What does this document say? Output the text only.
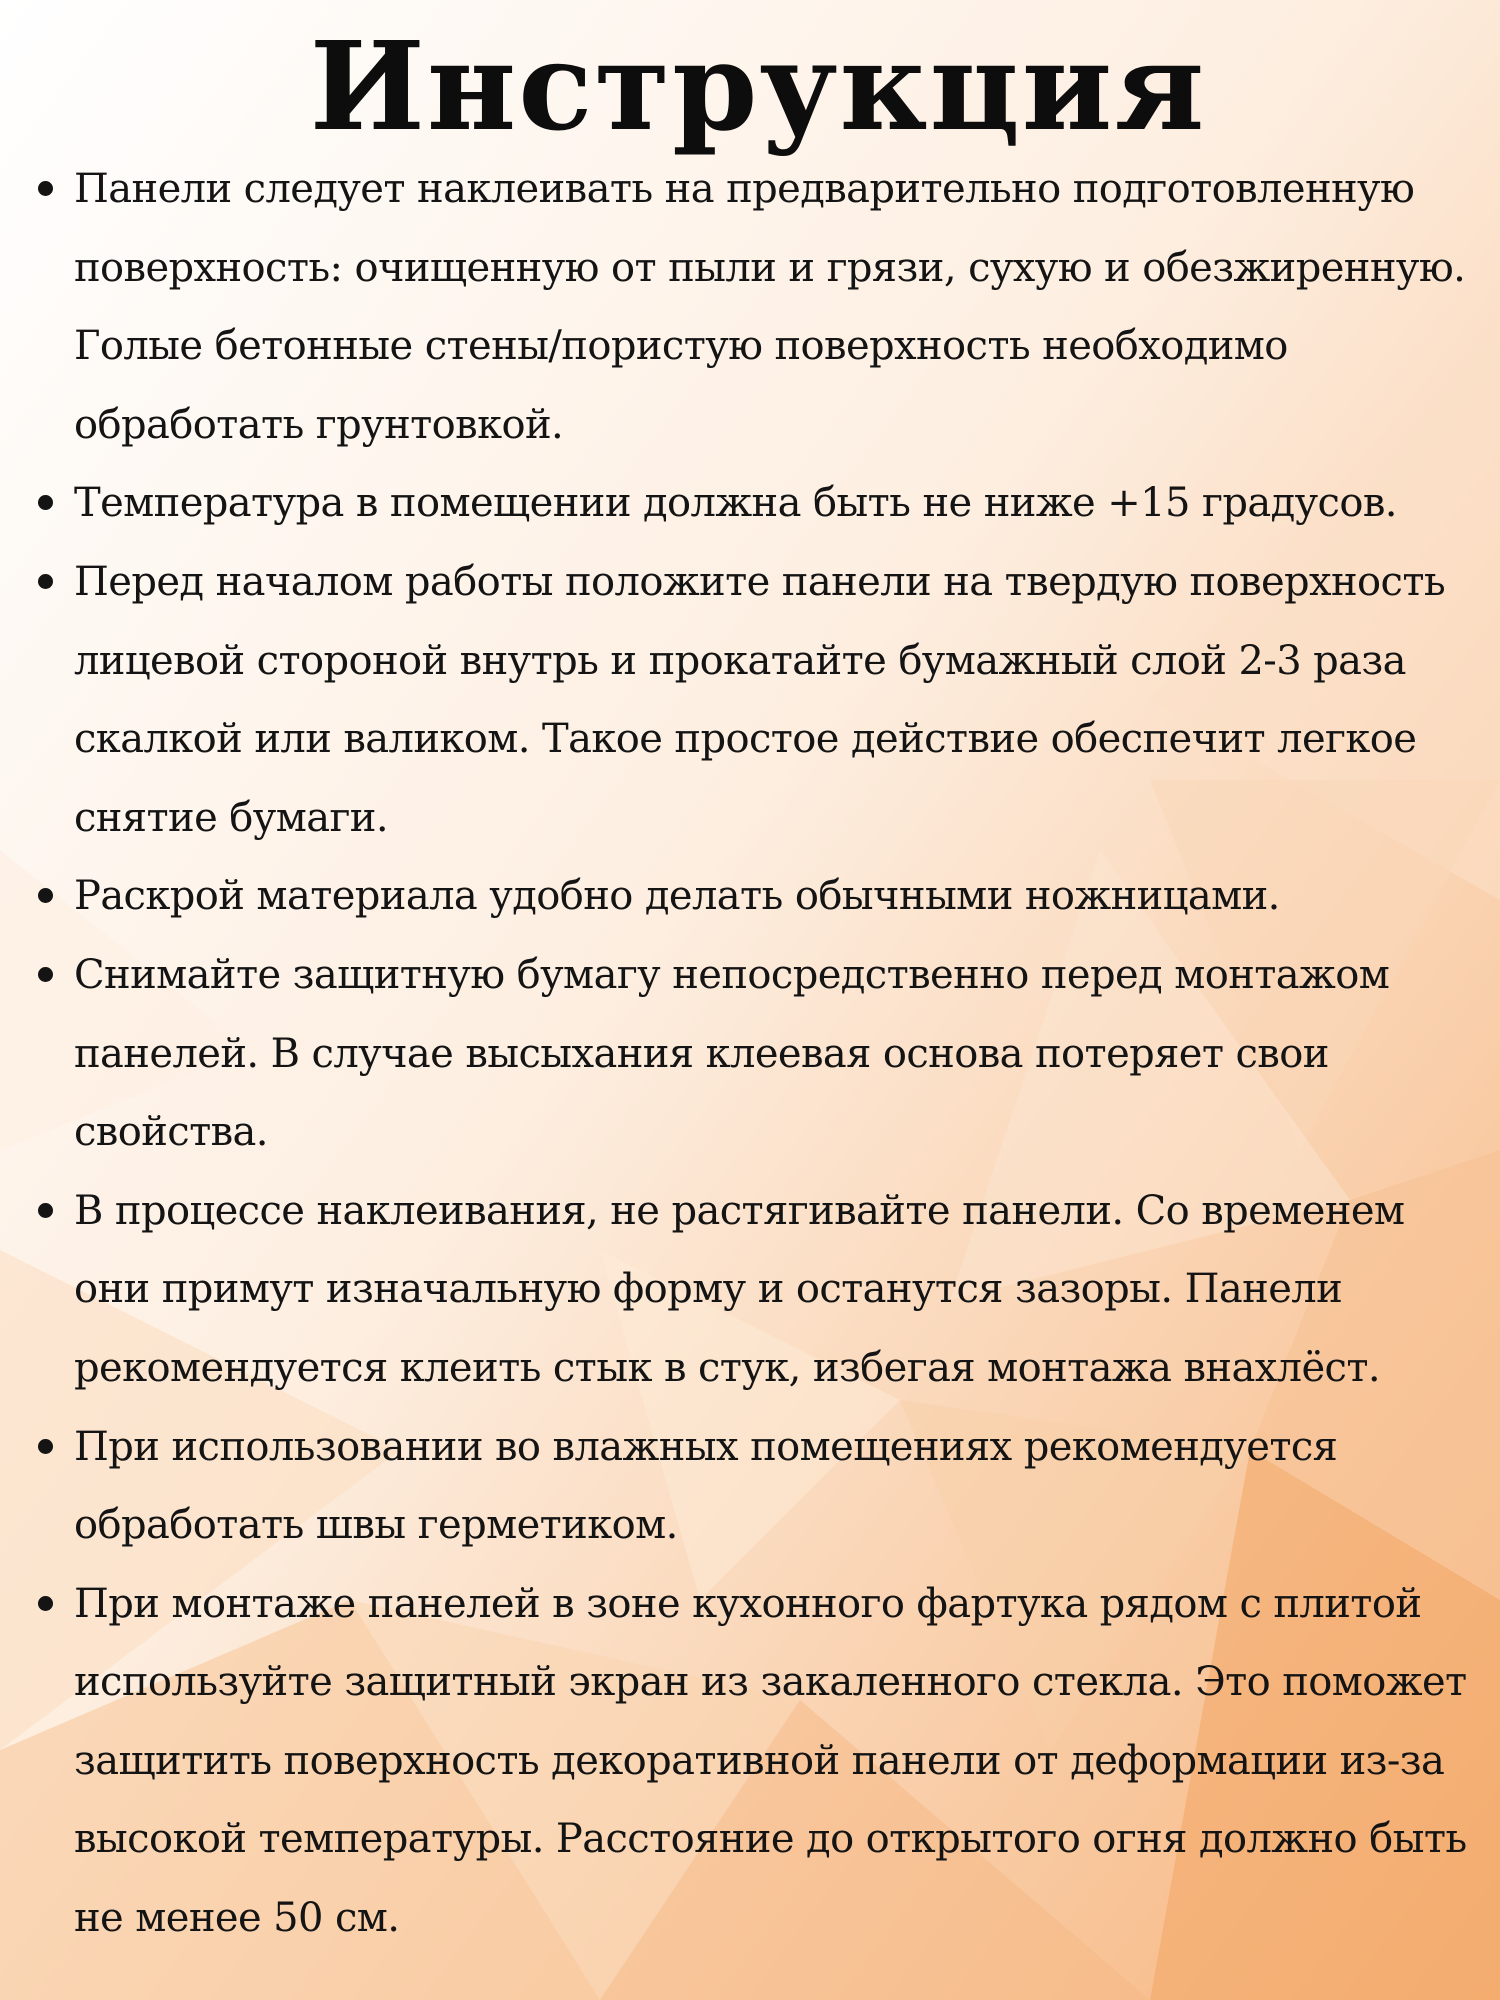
Инструкция
Панели следует наклеивать на предварительно подготовленную поверхность: очищенную от пыли и грязи, сухую и обезжиренную. Голые бетонные стены/пористую поверхность необходимо обработать грунтовкой.
Температура в помещении должна быть не ниже +15 градусов.
Перед началом работы положите панели на твердую поверхность лицевой стороной внутрь и прокатайте бумажный слой 2-3 раза скалкой или валиком. Такое простое действие обеспечит легкое снятие бумаги.
Раскрой материала удобно делать обычными ножницами.
Снимайте защитную бумагу непосредственно перед монтажом панелей. В случае высыхания клеевая основа потеряет свои свойства.
В процессе наклеивания, не растягивайте панели. Со временем они примут изначальную форму и останутся зазоры. Панели рекомендуется клеить стык в стук, избегая монтажа внахлёст.
При использовании во влажных помещениях рекомендуется обработать швы герметиком.
При монтаже панелей в зоне кухонного фартука рядом с плитой используйте защитный экран из закаленного стекла. Это поможет защитить поверхность декоративной панели от деформации из-за высокой температуры. Расстояние до открытого огня должно быть не менее 50 см.
